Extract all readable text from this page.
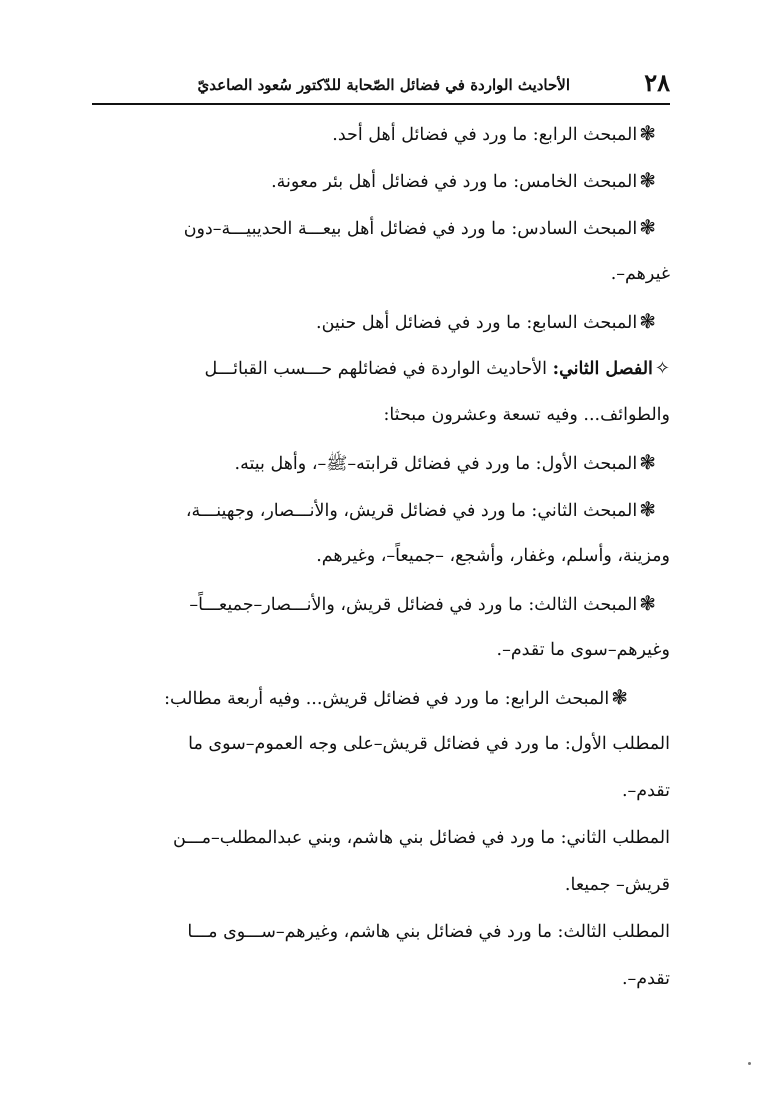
٢٨
الأحاديث الواردة في فضائل الصّحابة للدّكتور سُعود الصاعديّ
❃المبحث الرابع: ما ورد في فضائل أهل أحد.
❃المبحث الخامس: ما ورد في فضائل أهل بئر معونة.
❃المبحث السادس: ما ورد في فضائل أهل بيعـــة الحديبيـــة–دون
غيرهم–.
❃المبحث السابع: ما ورد في فضائل أهل حنين.
✧الفصل الثاني: الأحاديث الواردة في فضائلهم حـــسب القبائـــل
والطوائف... وفيه تسعة وعشرون مبحثا:
❃المبحث الأول: ما ورد في فضائل قرابته–ﷺ–، وأهل بيته.
❃المبحث الثاني: ما ورد في فضائل قريش، والأنـــصار، وجهينـــة،
ومزينة، وأسلم، وغفار، وأشجع، –جميعاً–، وغيرهم.
❃المبحث الثالث: ما ورد في فضائل قريش، والأنـــصار–جميعـــاً–
وغيرهم–سوى ما تقدم–.
❃المبحث الرابع: ما ورد في فضائل قريش... وفيه أربعة مطالب:
المطلب الأول: ما ورد في فضائل قريش–على وجه العموم–سوى ما
تقدم–.
المطلب الثاني: ما ورد في فضائل بني هاشم، وبني عبدالمطلب–مـــن
قريش– جميعا.
المطلب الثالث: ما ورد في فضائل بني هاشم، وغيرهم–ســـوى مـــا
تقدم–.
